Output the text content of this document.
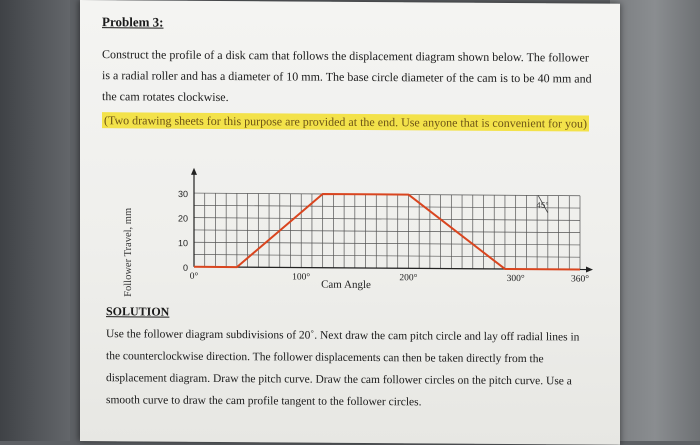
Problem 3:
Construct the profile of a disk cam that follows the displacement diagram shown below. The follower is a radial roller and has a diameter of 10 mm. The base circle diameter of the cam is to be 40 mm and the cam rotates clockwise.
(Two drawing sheets for this purpose are provided at the end. Use anyone that is convenient for you)
Follower Travel, mm	Cam Angle
0
10
20
30
0°	100°	200°	300°	360°
45°
SOLUTION
Use the follower diagram subdivisions of 20˚. Next draw the cam pitch circle and lay off radial lines in the counterclockwise direction. The follower displacements can then be taken directly from the displacement diagram. Draw the pitch curve. Draw the cam follower circles on the pitch curve. Use a smooth curve to draw the cam profile tangent to the follower circles.
